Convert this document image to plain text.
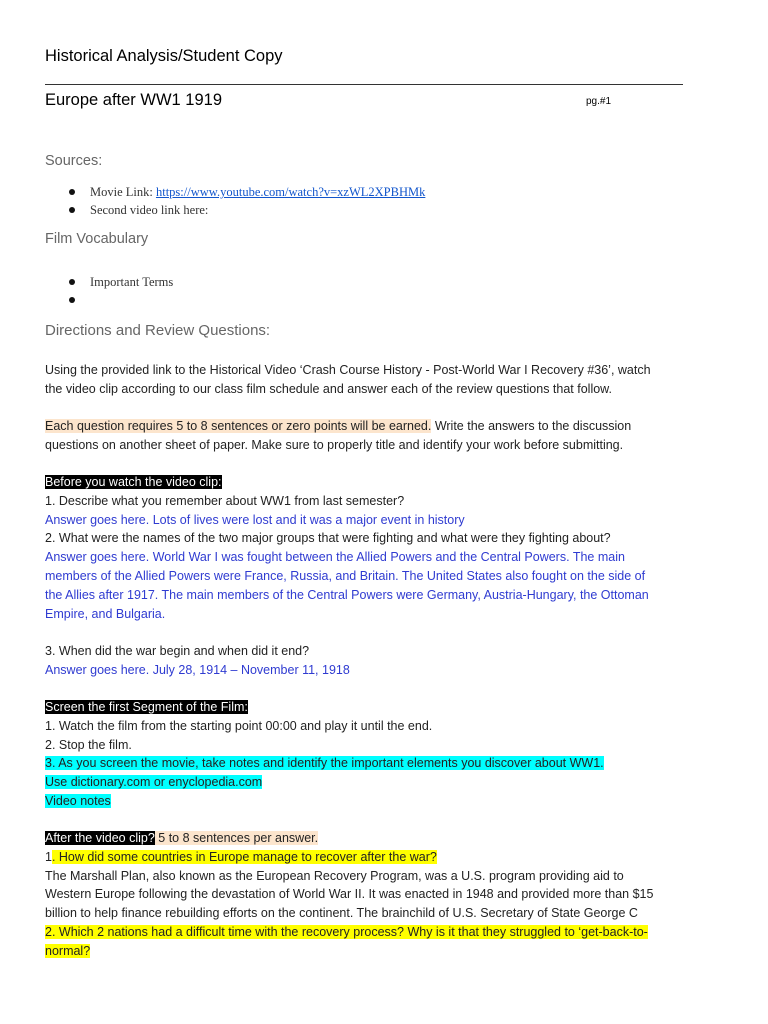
Historical Analysis/Student Copy
Europe after WW1 1919	pg.#1
Sources:
Movie Link: https://www.youtube.com/watch?v=xzWL2XPBHMk
Second video link here:
Film Vocabulary
Important Terms
Directions and Review Questions:
Using the provided link to the Historical Video ‘Crash Course History - Post-World War I Recovery #36’, watch
the video clip according to our class film schedule and answer each of the review questions that follow.
Each question requires 5 to 8 sentences or zero points will be earned. Write the answers to the discussion
questions on another sheet of paper. Make sure to properly title and identify your work before submitting.
Before you watch the video clip:
1. Describe what you remember about WW1 from last semester?
Answer goes here. Lots of lives were lost and it was a major event in history
2. What were the names of the two major groups that were fighting and what were they fighting about?
Answer goes here. World War I was fought between the Allied Powers and the Central Powers. The main
members of the Allied Powers were France, Russia, and Britain. The United States also fought on the side of
the Allies after 1917. The main members of the Central Powers were Germany, Austria-Hungary, the Ottoman
Empire, and Bulgaria.
3. When did the war begin and when did it end?
Answer goes here. July 28, 1914 – November 11, 1918
Screen the first Segment of the Film:
1. Watch the film from the starting point 00:00 and play it until the end.
2. Stop the film.
3. As you screen the movie, take notes and identify the important elements you discover about WW1.
Use dictionary.com or enyclopedia.com
Video notes
After the video clip? 5 to 8 sentences per answer.
1. How did some countries in Europe manage to recover after the war?
The Marshall Plan, also known as the European Recovery Program, was a U.S. program providing aid to
Western Europe following the devastation of World War II. It was enacted in 1948 and provided more than $15
billion to help finance rebuilding efforts on the continent. The brainchild of U.S. Secretary of State George C
2. Which 2 nations had a difficult time with the recovery process? Why is it that they struggled to ‘get-back-to-
normal?
